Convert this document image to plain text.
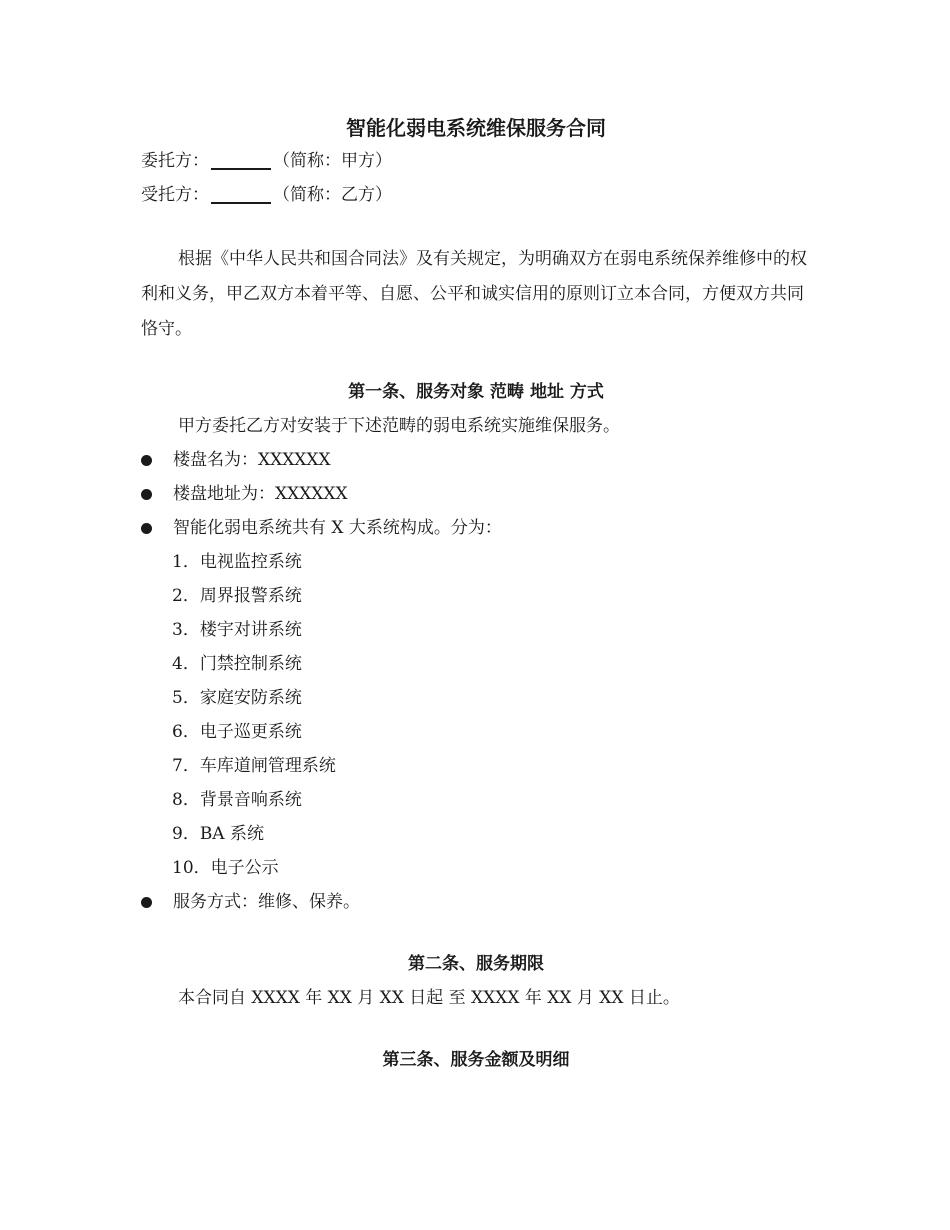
智能化弱电系统维保服务合同
委托方：	（简称：甲方）
受托方：	（简称：乙方）

根据《中华人民共和国合同法》及有关规定，为明确双方在弱电系统保养维修中的权利和义务，甲乙双方本着平等、自愿、公平和诚实信用的原则订立本合同，方便双方共同恪守。

第一条、服务对象 范畴 地址 方式
甲方委托乙方对安装于下述范畴的弱电系统实施维保服务。
楼盘名为：XXXXXX
楼盘地址为：XXXXXX
智能化弱电系统共有 X 大系统构成。分为：
1．电视监控系统
2．周界报警系统
3．楼宇对讲系统
4．门禁控制系统
5．家庭安防系统
6．电子巡更系统
7．车库道闸管理系统
8．背景音响系统
9．BA 系统
10．电子公示
服务方式：维修、保养。
第二条、服务期限
本合同自 XXXX 年 XX 月 XX 日起 至 XXXX 年 XX 月 XX 日止。
第三条、服务金额及明细
